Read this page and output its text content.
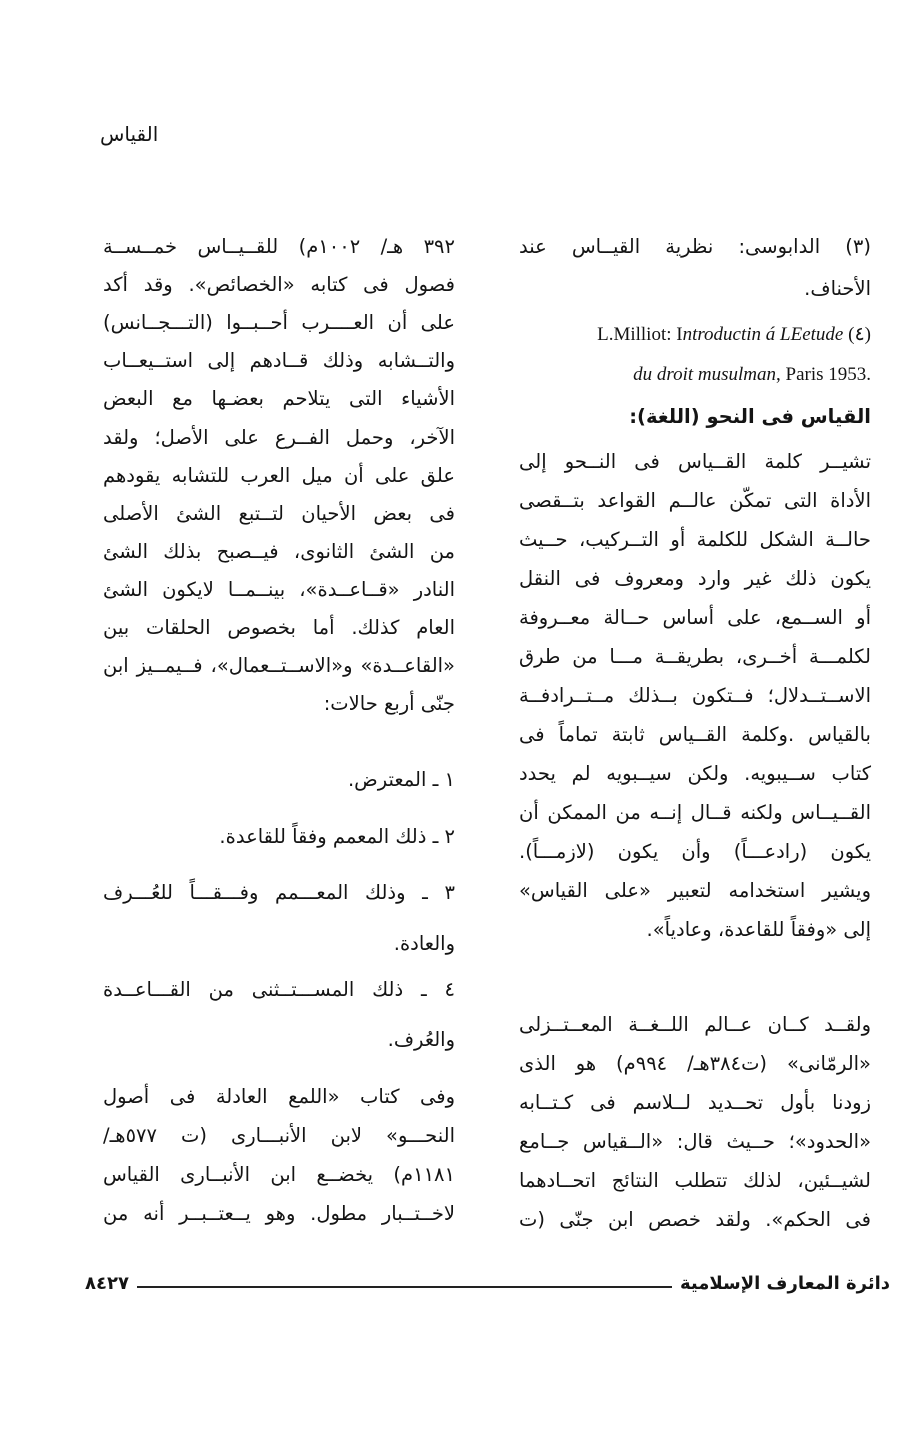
القياس
(٣) الدابوسى: نظرية القيــاس عند
الأحناف.
L.Milliot: Introductin á LEetude (٤)
du droit musulman, Paris 1953.
القياس فى النحو (اللغة):
تشيــر كلمة القــياس فى النــحو إلى
الأداة التى تمكّن عالــم القواعد بتــقصى
حالــة الشكل للكلمة أو التــركيب، حــيث
يكون ذلك غير وارد ومعروف فى النقل
أو الســمع، على أساس حــالة معــروفة
لكلمـــة أخــرى، بطريقــة مـــا من طرق
الاســتــدلال؛ فــتكون بــذلك مــتــرادفــة
بالقياس .وكلمة القــياس ثابتة تماماً فى
كتاب ســيبويه. ولكن سيــبويه لم يحدد
القــيــاس ولكنه قــال إنــه من الممكن أن
يكون (رادعـــاً) وأن يكون (لازمـــاً).
ويشير استخدامه لتعبير «على القياس»
إلى «وفقاً للقاعدة، وعادياً».
ولقــد كــان عــالم اللــغــة المعــتــزلى
«الرمّانى» (ت٣٨٤هـ/ ٩٩٤م) هو الذى
زودنا بأول تحــديد لــلاسم فى كـتــابه
«الحدود»؛ حــيث قال: «الــقياس جــامع
لشيــئين، لذلك تتطلب النتائج اتحــادهما
فى الحكم». ولقد خصص ابن جنّى (ت
٣٩٢ هـ/ ١٠٠٢م) للقــيــاس خمــســة
فصول فى كتابه «الخصائص». وقد أكد
على أن العــــرب أحــبــوا (التـــجــانس)
والتــشابه وذلك قــادهم إلى استــيعــاب
الأشياء التى يتلاحم بعضـها مع البعض
الآخر، وحمل الفــرع على الأصل؛ ولقد
علق على أن ميل العرب للتشابه يقودهم
فى بعض الأحيان لتــتبع الشئ الأصلى
من الشئ الثانوى، فيــصبح بذلك الشئ
النادر «قــاعــدة»، بينــمــا لايكون الشئ
العام كذلك. أما بخصوص الحلقات بين
«القاعــدة» و«الاســتــعمال»، فــيمــيز ابن
جنّى أربع حالات:
١ ـ المعترض.
٢ ـ ذلك المعمم وفقاً للقاعدة.
٣ ـ وذلك المعـــمم وفـــقـــاً للعُـــرف
والعادة.
٤ ـ ذلك المســـتــثنى من القـــاعــدة
والعُرف.
وفى كتاب «اللمع العادلة فى أصول
النحـــو» لابن الأنبـــارى (ت ٥٧٧هـ/
١١٨١م) يخضــع ابن الأنبــارى القياس
لاخــتــبار مطول. وهو يــعتــبــر أنه من
دائرة المعارف الإسلامية
٨٤٢٧
